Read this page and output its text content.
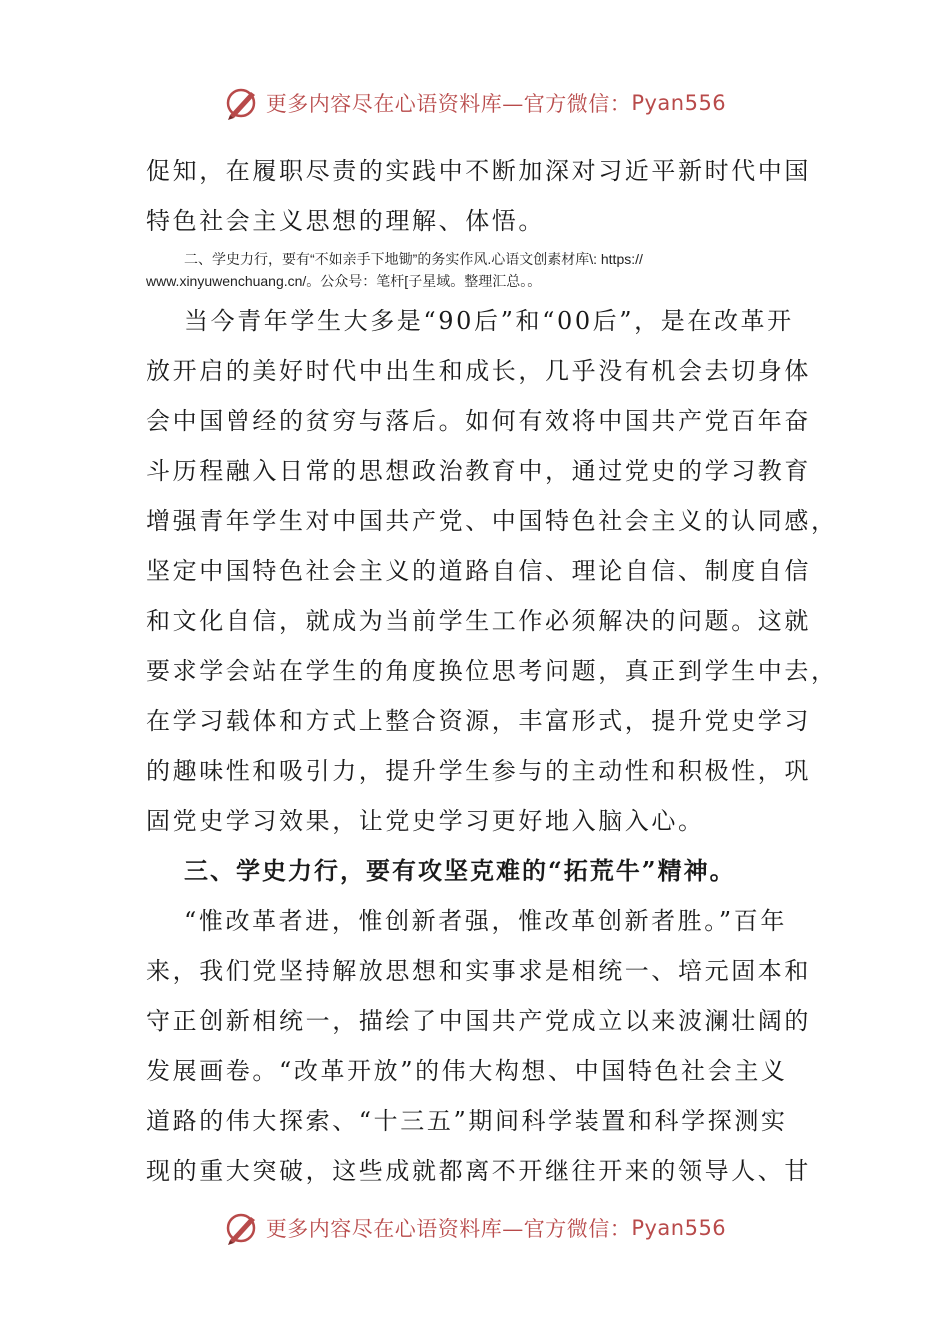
更多内容尽在心语资料库—官方微信： Pyan556
促知，在履职尽责的实践中不断加深对习近平新时代中国
特色社会主义思想的理解、体悟。
二、学史力行，要有“不如亲手下地锄”的务实作风.心语文创素材库\: https://
www.xinyuwenchuang.cn/。公众号：笔杆[子星域。整理汇总。。
当今青年学生大多是“90后”和“00后”，是在改革开
放开启的美好时代中出生和成长，几乎没有机会去切身体
会中国曾经的贫穷与落后。如何有效将中国共产党百年奋
斗历程融入日常的思想政治教育中，通过党史的学习教育
增强青年学生对中国共产党、中国特色社会主义的认同感，
坚定中国特色社会主义的道路自信、理论自信、制度自信
和文化自信，就成为当前学生工作必须解决的问题。这就
要求学会站在学生的角度换位思考问题，真正到学生中去，
在学习载体和方式上整合资源，丰富形式，提升党史学习
的趣味性和吸引力，提升学生参与的主动性和积极性，巩
固党史学习效果，让党史学习更好地入脑入心。
三、学史力行，要有攻坚克难的“拓荒牛”精神。
“惟改革者进，惟创新者强，惟改革创新者胜。”百年
来，我们党坚持解放思想和实事求是相统一、培元固本和
守正创新相统一，描绘了中国共产党成立以来波澜壮阔的
发展画卷。“改革开放”的伟大构想、中国特色社会主义
道路的伟大探索、“十三五”期间科学装置和科学探测实
现的重大突破，这些成就都离不开继往开来的领导人、甘
更多内容尽在心语资料库—官方微信： Pyan556
